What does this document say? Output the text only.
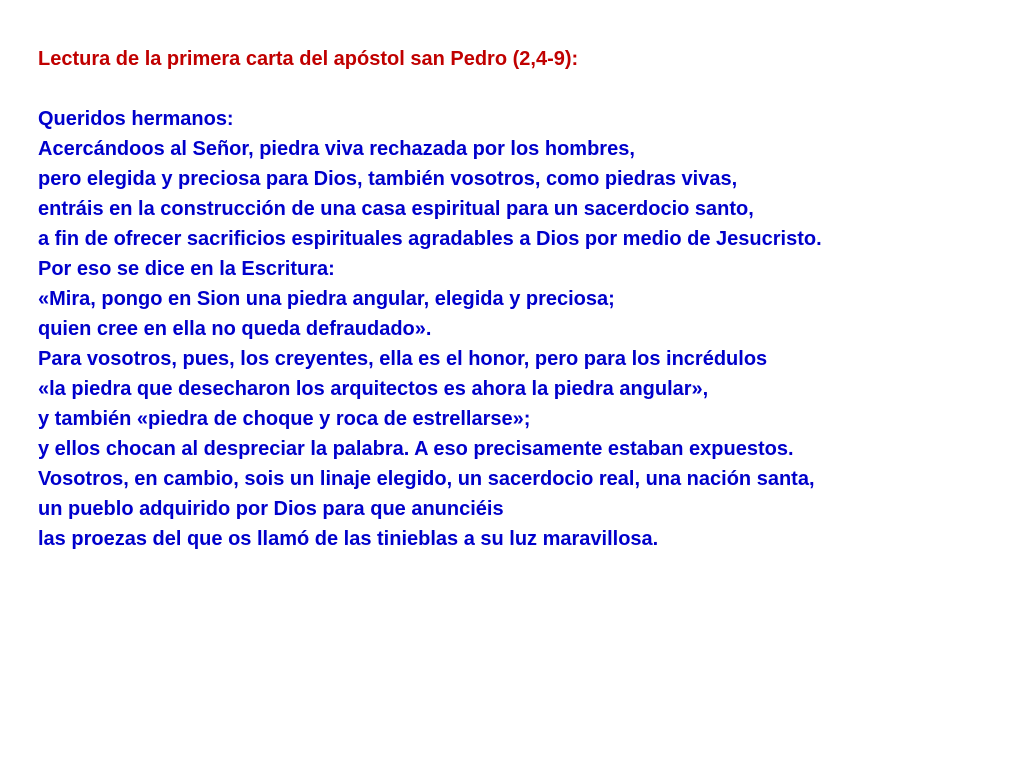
Lectura de la primera carta del apóstol san Pedro (2,4-9):
Queridos hermanos:
Acercándoos al Señor, piedra viva rechazada por los hombres,
pero elegida y preciosa para Dios, también vosotros, como piedras vivas,
entráis en la construcción de una casa espiritual para un sacerdocio santo,
a fin de ofrecer sacrificios espirituales agradables a Dios por medio de Jesucristo.
Por eso se dice en la Escritura:
«Mira, pongo en Sion una piedra angular, elegida y preciosa;
quien cree en ella no queda defraudado».
Para vosotros, pues, los creyentes, ella es el honor, pero para los incrédulos
«la piedra que desecharon los arquitectos es ahora la piedra angular»,
y también «piedra de choque y roca de estrellarse»;
y ellos chocan al despreciar la palabra. A eso precisamente estaban expuestos.
Vosotros, en cambio, sois un linaje elegido, un sacerdocio real, una nación santa,
un pueblo adquirido por Dios para que anunciéis
las proezas del que os llamó de las tinieblas a su luz maravillosa.
